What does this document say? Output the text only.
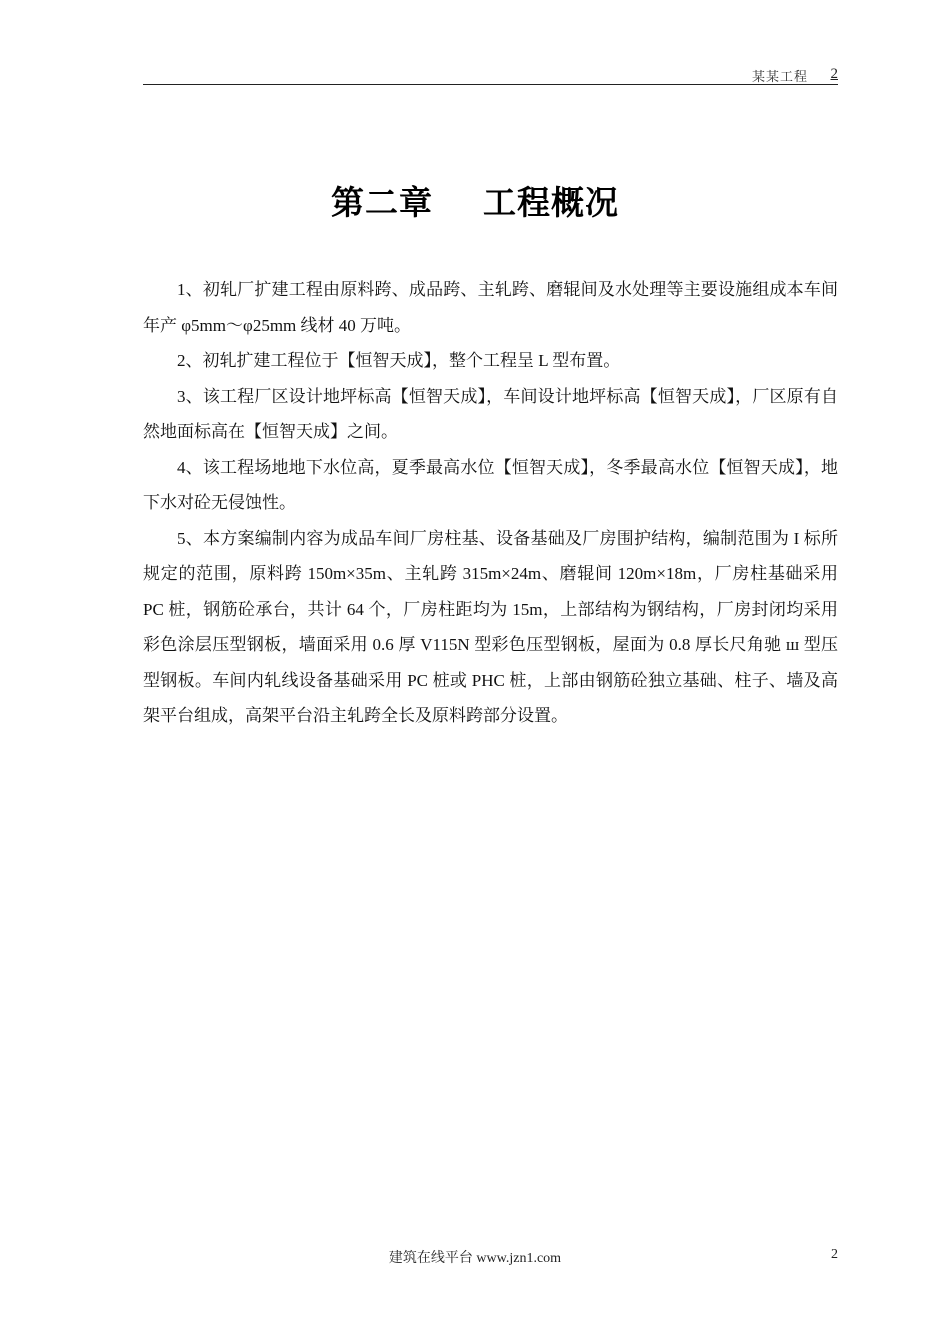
某某工程 2
第二章    工程概况

1、初轧厂扩建工程由原料跨、成品跨、主轧跨、磨辊间及水处理等主要设施组成本车间年产 φ5mm～φ25mm 线材 40 万吨。

2、初轧扩建工程位于【恒智天成】，整个工程呈 L 型布置。

3、该工程厂区设计地坪标高【恒智天成】，车间设计地坪标高【恒智天成】，厂区原有自然地面标高在【恒智天成】之间。

4、该工程场地地下水位高，夏季最高水位【恒智天成】，冬季最高水位【恒智天成】，地下水对砼无侵蚀性。

5、本方案编制内容为成品车间厂房柱基、设备基础及厂房围护结构，编制范围为 I 标所规定的范围，原料跨 150m×35m、主轧跨 315m×24m、磨辊间 120m×18m，厂房柱基础采用 PC 桩，钢筋砼承台，共计 64 个，厂房柱距均为 15m，上部结构为钢结构，厂房封闭均采用彩色涂层压型钢板，墙面采用 0.6 厚 V115N 型彩色压型钢板，屋面为 0.8 厚长尺角驰 ш 型压型钢板。车间内轧线设备基础采用 PC 桩或 PHC 桩，上部由钢筋砼独立基础、柱子、墙及高架平台组成，高架平台沿主轧跨全长及原料跨部分设置。

建筑在线平台 www.jzn1.com	2
